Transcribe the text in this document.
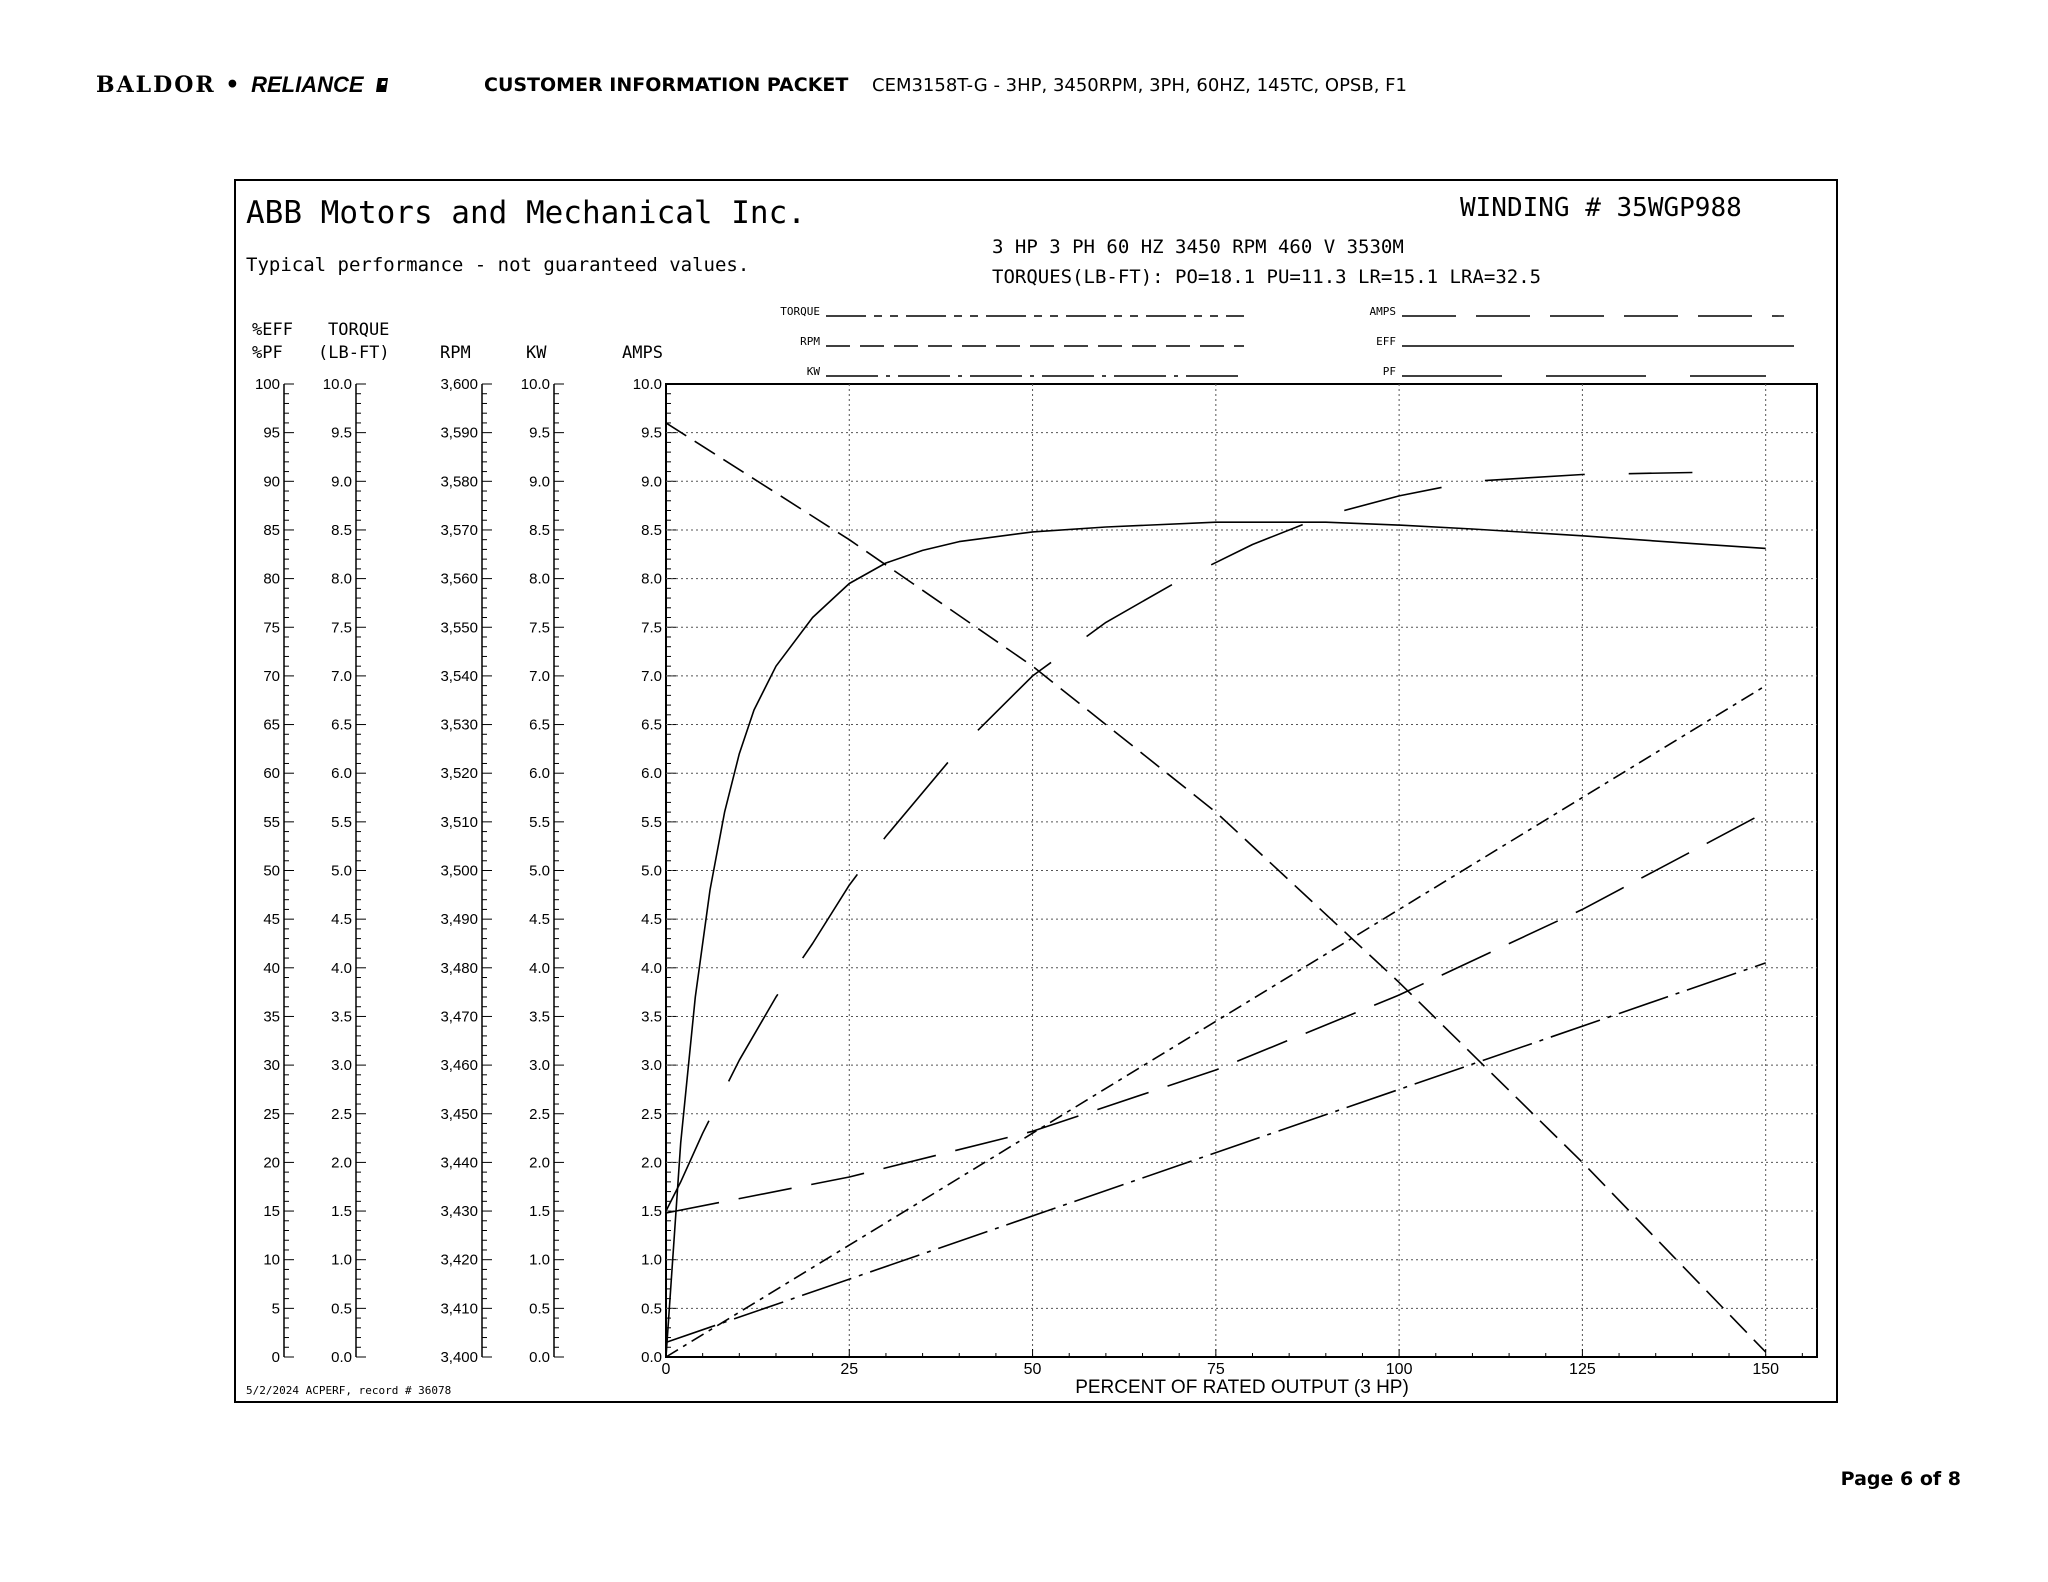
BALDOR • RELIANCE	CUSTOMER INFORMATION PACKET CEM3158T-G - 3HP, 3450RPM, 3PH, 60HZ, 145TC, OPSB, F1
ABB Motors and Mechanical Inc.
Typical performance - not guaranteed values.
WINDING # 35WGP988
3 HP 3 PH 60 HZ 3450 RPM 460 V 3530M
TORQUES(LB-FT): PO=18.1 PU=11.3 LR=15.1 LRA=32.5
%EFF
%PF
TORQUE
(LB-FT)	RPM	KW	AMPS
TORQUE
RPM
KW
AMPS
EFF
PF
0
5
10
15
20
25
30
35
40
45
50
55
60
65
70
75
80
85
90
95
100
0.0
0.5
1.0
1.5
2.0
2.5
3.0
3.5
4.0
4.5
5.0
5.5
6.0
6.5
7.0
7.5
8.0
8.5
9.0
9.5
10.0
3,400
3,410
3,420
3,430
3,440
3,450
3,460
3,470
3,480
3,490
3,500
3,510
3,520
3,530
3,540
3,550
3,560
3,570
3,580
3,590
3,600
0.0
0.5
1.0
1.5
2.0
2.5
3.0
3.5
4.0
4.5
5.0
5.5
6.0
6.5
7.0
7.5
8.0
8.5
9.0
9.5
10.0
0.0
0.5
1.0
1.5
2.0
2.5
3.0
3.5
4.0
4.5
5.0
5.5
6.0
6.5
7.0
7.5
8.0
8.5
9.0
9.5
10.0
0	25	50	75	100	125	150
PERCENT OF RATED OUTPUT (3 HP)
5/2/2024 ACPERF, record # 36078
Page 6 of 8
